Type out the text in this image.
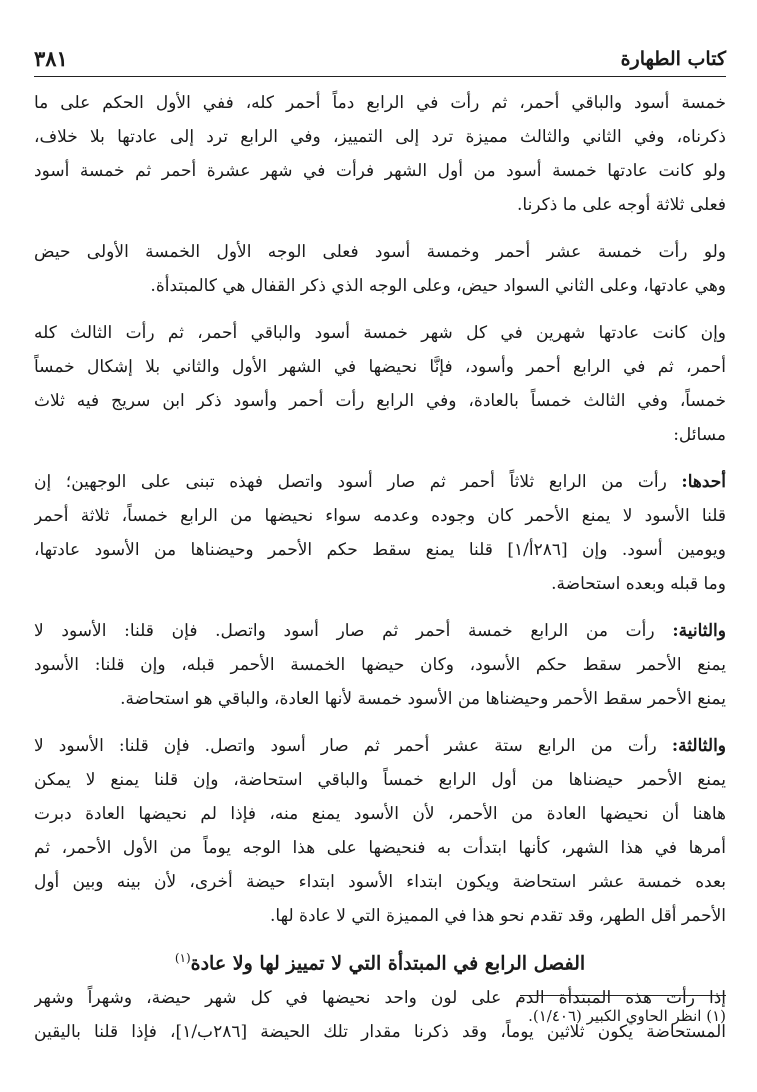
كتاب الطهارة
٣٨١
خمسة أسود والباقي أحمر، ثم رأت في الرابع دماً أحمر كله، ففي الأول الحكم على ما
ذكرناه، وفي الثاني والثالث مميزة ترد إلى التمييز، وفي الرابع ترد إلى عادتها بلا خلاف،
ولو كانت عادتها خمسة أسود من أول الشهر فرأت في شهر عشرة أحمر ثم خمسة أسود
فعلى ثلاثة أوجه على ما ذكرنا.
ولو رأت خمسة عشر أحمر وخمسة أسود فعلى الوجه الأول الخمسة الأولى حيض
وهي عادتها، وعلى الثاني السواد حيض، وعلى الوجه الذي ذكر القفال هي كالمبتدأة.
وإن كانت عادتها شهرين في كل شهر خمسة أسود والباقي أحمر، ثم رأت الثالث كله
أحمر، ثم في الرابع أحمر وأسود، فإنَّا نحيضها في الشهر الأول والثاني بلا إشكال خمساً
خمساً، وفي الثالث خمساً بالعادة، وفي الرابع رأت أحمر وأسود ذكر ابن سريج فيه ثلاث
مسائل:
أحدها: رأت من الرابع ثلاثاً أحمر ثم صار أسود واتصل فهذه تبنى على الوجهين؛ إن
قلنا الأسود لا يمنع الأحمر كان وجوده وعدمه سواء نحيضها من الرابع خمساً، ثلاثة أحمر
ويومين أسود. وإن [٢٨٦أ/١] قلنا يمنع سقط حكم الأحمر وحيضناها من الأسود عادتها،
وما قبله وبعده استحاضة.
والثانية: رأت من الرابع خمسة أحمر ثم صار أسود واتصل. فإن قلنا: الأسود لا
يمنع الأحمر سقط حكم الأسود، وكان حيضها الخمسة الأحمر قبله، وإن قلنا: الأسود
يمنع الأحمر سقط الأحمر وحيضناها من الأسود خمسة لأنها العادة، والباقي هو استحاضة.
والثالثة: رأت من الرابع ستة عشر أحمر ثم صار أسود واتصل. فإن قلنا: الأسود لا
يمنع الأحمر حيضناها من أول الرابع خمساً والباقي استحاضة، وإن قلنا يمنع لا يمكن
هاهنا أن نحيضها العادة من الأحمر، لأن الأسود يمنع منه، فإذا لم نحيضها العادة دبرت
أمرها في هذا الشهر، كأنها ابتدأت به فنحيضها على هذا الوجه يوماً من الأول الأحمر، ثم
بعده خمسة عشر استحاضة ويكون ابتداء الأسود ابتداء حيضة أخرى، لأن بينه وبين أول
الأحمر أقل الطهر، وقد تقدم نحو هذا في المميزة التي لا عادة لها.
الفصل الرابع في المبتدأة التي لا تمييز لها ولا عادة$^{(١)}$
إذا رأت هذه المبتدأة الدم على لون واحد نحيضها في كل شهر حيضة، وشهراً وشهر
المستحاضة يكون ثلاثين يوماً، وقد ذكرنا مقدار تلك الحيضة [٢٨٦ب/١]، فإذا قلنا باليقين
(١) انظر الحاوي الكبير (١/٤٠٦).
